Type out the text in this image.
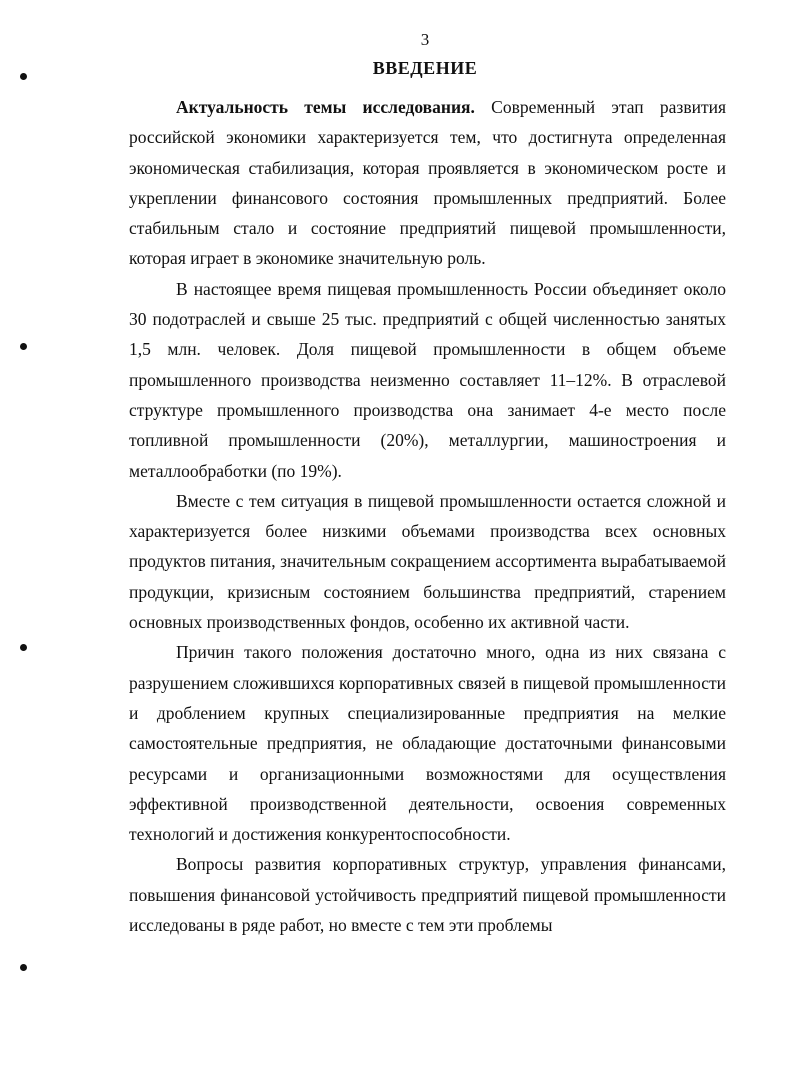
3
ВВЕДЕНИЕ

Актуальность темы исследования. Современный этап развития российской экономики характеризуется тем, что достигнута определенная экономическая стабилизация, которая проявляется в экономическом росте и укреплении финансового состояния промышленных предприятий. Более стабильным стало и состояние предприятий пищевой промышленности, которая играет в экономике значительную роль.

В настоящее время пищевая промышленность России объединяет около 30 подотраслей и свыше 25 тыс. предприятий с общей численностью занятых 1,5 млн. человек. Доля пищевой промышленности в общем объеме промышленного производства неизменно составляет 11–12%. В отраслевой структуре промышленного производства она занимает 4-е место после топливной промышленности (20%), металлургии, машиностроения и металлообработки (по 19%).

Вместе с тем ситуация в пищевой промышленности остается сложной и характеризуется более низкими объемами производства всех основных продуктов питания, значительным сокращением ассортимента вырабатываемой продукции, кризисным состоянием большинства предприятий, старением основных производственных фондов, особенно их активной части.

Причин такого положения достаточно много, одна из них связана с разрушением сложившихся корпоративных связей в пищевой промышленности и дроблением крупных специализированные предприятия на мелкие самостоятельные предприятия, не обладающие достаточными финансовыми ресурсами и организационными возможностями для осуществления эффективной производственной деятельности, освоения современных технологий и достижения конкурентоспособности.

Вопросы развития корпоративных структур, управления финансами, повышения финансовой устойчивость предприятий пищевой промышленности исследованы в ряде работ, но вместе с тем эти проблемы
